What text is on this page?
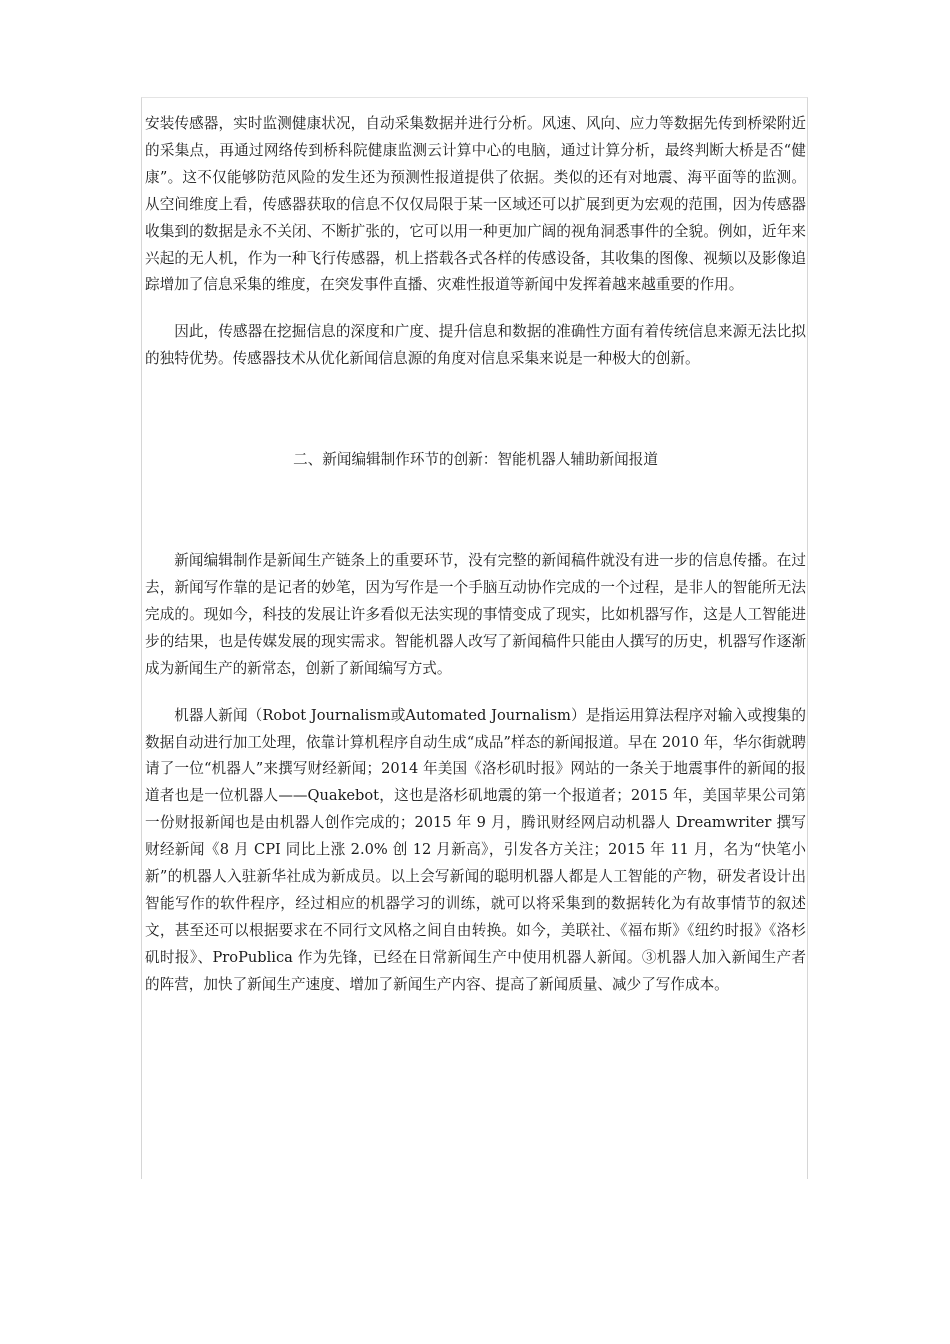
安装传感器，实时监测健康状况，自动采集数据并进行分析。风速、风向、应力等数据先传到桥梁附近的采集点，再通过网络传到桥科院健康监测云计算中心的电脑，通过计算分析，最终判断大桥是否“健康”。这不仅能够防范风险的发生还为预测性报道提供了依据。类似的还有对地震、海平面等的监测。从空间维度上看，传感器获取的信息不仅仅局限于某一区域还可以扩展到更为宏观的范围，因为传感器收集到的数据是永不关闭、不断扩张的，它可以用一种更加广阔的视角洞悉事件的全貌。例如，近年来兴起的无人机，作为一种飞行传感器，机上搭载各式各样的传感设备，其收集的图像、视频以及影像追踪增加了信息采集的维度，在突发事件直播、灾难性报道等新闻中发挥着越来越重要的作用。

因此，传感器在挖掘信息的深度和广度、提升信息和数据的准确性方面有着传统信息来源无法比拟的独特优势。传感器技术从优化新闻信息源的角度对信息采集来说是一种极大的创新。

二、新闻编辑制作环节的创新：智能机器人辅助新闻报道

新闻编辑制作是新闻生产链条上的重要环节，没有完整的新闻稿件就没有进一步的信息传播。在过去，新闻写作靠的是记者的妙笔，因为写作是一个手脑互动协作完成的一个过程，是非人的智能所无法完成的。现如今，科技的发展让许多看似无法实现的事情变成了现实，比如机器写作，这是人工智能进步的结果，也是传媒发展的现实需求。智能机器人改写了新闻稿件只能由人撰写的历史，机器写作逐渐成为新闻生产的新常态，创新了新闻编写方式。

机器人新闻（Robot Journalism或Automated Journalism）是指运用算法程序对输入或搜集的数据自动进行加工处理，依靠计算机程序自动生成“成品”样态的新闻报道。早在 2010 年，华尔街就聘请了一位“机器人”来撰写财经新闻；2014 年美国《洛杉矶时报》网站的一条关于地震事件的新闻的报道者也是一位机器人——Quakebot，这也是洛杉矶地震的第一个报道者；2015 年，美国苹果公司第一份财报新闻也是由机器人创作完成的；2015 年 9 月，腾讯财经网启动机器人 Dreamwriter 撰写财经新闻《8 月 CPI 同比上涨 2.0% 创 12 月新高》，引发各方关注；2015 年 11 月，名为“快笔小新”的机器人入驻新华社成为新成员。以上会写新闻的聪明机器人都是人工智能的产物，研发者设计出智能写作的软件程序，经过相应的机器学习的训练，就可以将采集到的数据转化为有故事情节的叙述文，甚至还可以根据要求在不同行文风格之间自由转换。如今，美联社、《福布斯》《纽约时报》《洛杉矶时报》、ProPublica 作为先锋，已经在日常新闻生产中使用机器人新闻。③机器人加入新闻生产者的阵营，加快了新闻生产速度、增加了新闻生产内容、提高了新闻质量、减少了写作成本。
